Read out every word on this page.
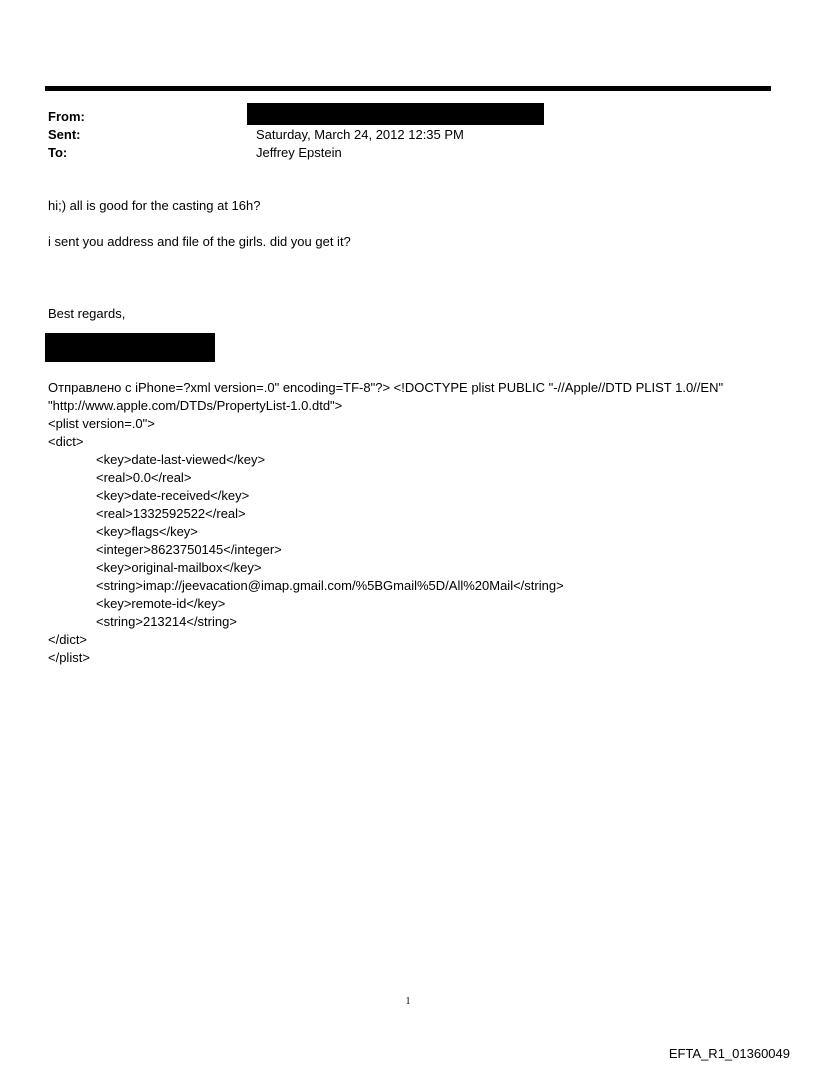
From:
Sent:	Saturday, March 24, 2012 12:35 PM
To:	Jeffrey Epstein
hi;) all is good for the casting at 16h?
i sent you address and file of the girls. did you get it?
Best regards,
Отправлено с iPhone=?xml version=.0" encoding=TF-8"?> <!DOCTYPE plist PUBLIC "-//Apple//DTD PLIST 1.0//EN"
"http://www.apple.com/DTDs/PropertyList-1.0.dtd">
<plist version=.0">
<dict>
<key>date-last-viewed</key>
<real>0.0</real>
<key>date-received</key>
<real>1332592522</real>
<key>flags</key>
<integer>8623750145</integer>
<key>original-mailbox</key>
<string>imap://jeevacation@imap.gmail.com/%5BGmail%5D/All%20Mail</string>
<key>remote-id</key>
<string>213214</string>
</dict>
</plist>
1
EFTA_R1_01360049
